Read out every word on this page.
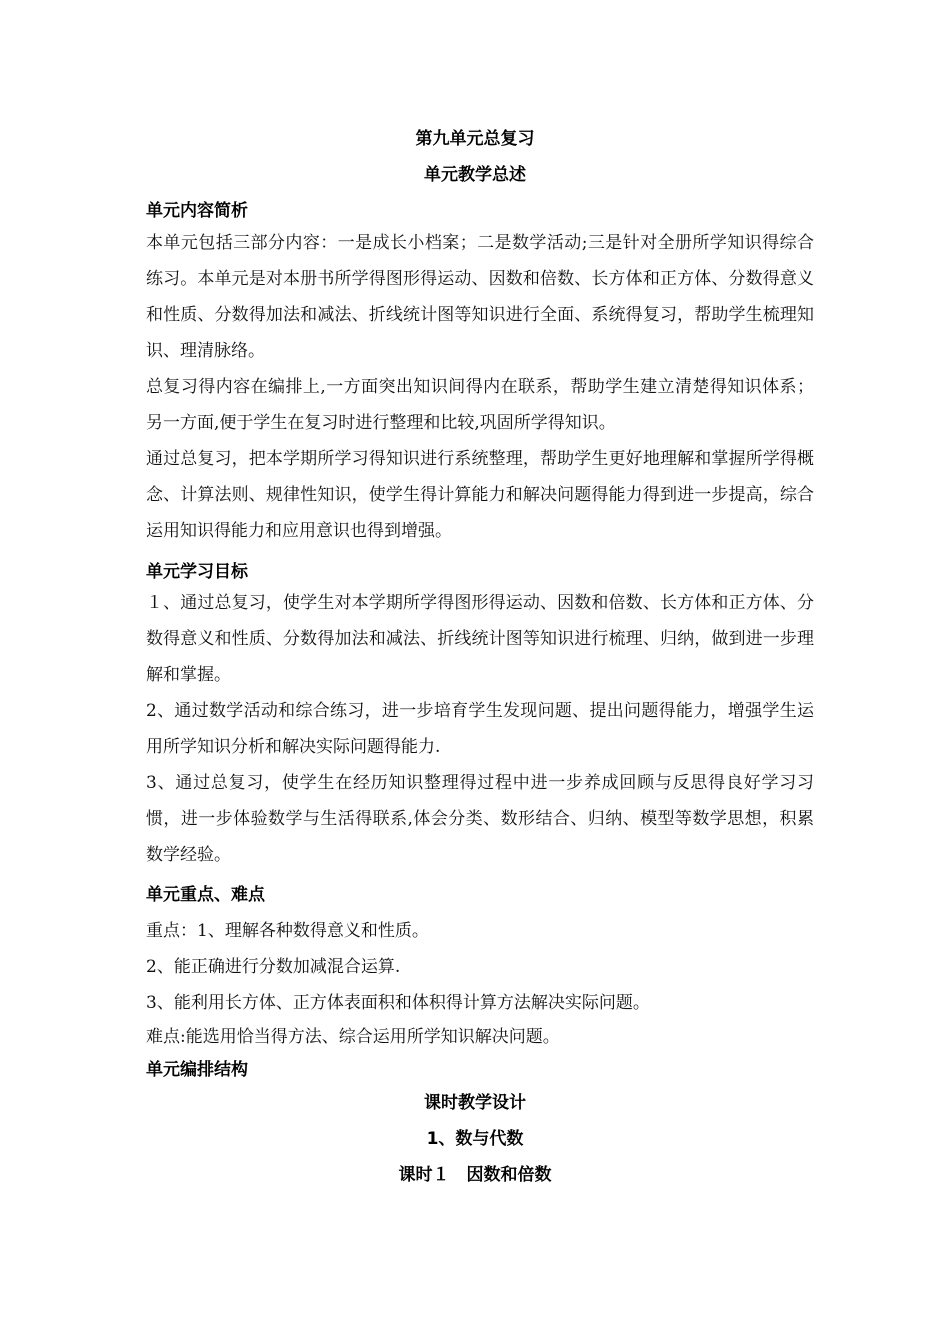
第九单元总复习
单元教学总述
单元内容简析
本单元包括三部分内容：一是成长小档案；二是数学活动;三是针对全册所学知识得综合练习。本单元是对本册书所学得图形得运动、因数和倍数、长方体和正方体、分数得意义和性质、分数得加法和减法、折线统计图等知识进行全面、系统得复习，帮助学生梳理知识、理清脉络。
总复习得内容在编排上,一方面突出知识间得内在联系，帮助学生建立清楚得知识体系；另一方面,便于学生在复习时进行整理和比较,巩固所学得知识。
通过总复习，把本学期所学习得知识进行系统整理，帮助学生更好地理解和掌握所学得概念、计算法则、规律性知识，使学生得计算能力和解决问题得能力得到进一步提高，综合运用知识得能力和应用意识也得到增强。
单元学习目标
１、通过总复习，使学生对本学期所学得图形得运动、因数和倍数、长方体和正方体、分数得意义和性质、分数得加法和减法、折线统计图等知识进行梳理、归纳，做到进一步理解和掌握。
2、通过数学活动和综合练习，进一步培育学生发现问题、提出问题得能力，增强学生运用所学知识分析和解决实际问题得能力.
3、通过总复习，使学生在经历知识整理得过程中进一步养成回顾与反思得良好学习习惯，进一步体验数学与生活得联系,体会分类、数形结合、归纳、模型等数学思想，积累数学经验。
单元重点、难点
重点：1、理解各种数得意义和性质。
2、能正确进行分数加减混合运算.
3、能利用长方体、正方体表面积和体积得计算方法解决实际问题。
难点:能选用恰当得方法、综合运用所学知识解决问题。
单元编排结构
课时教学设计
1、数与代数
课时１　因数和倍数
